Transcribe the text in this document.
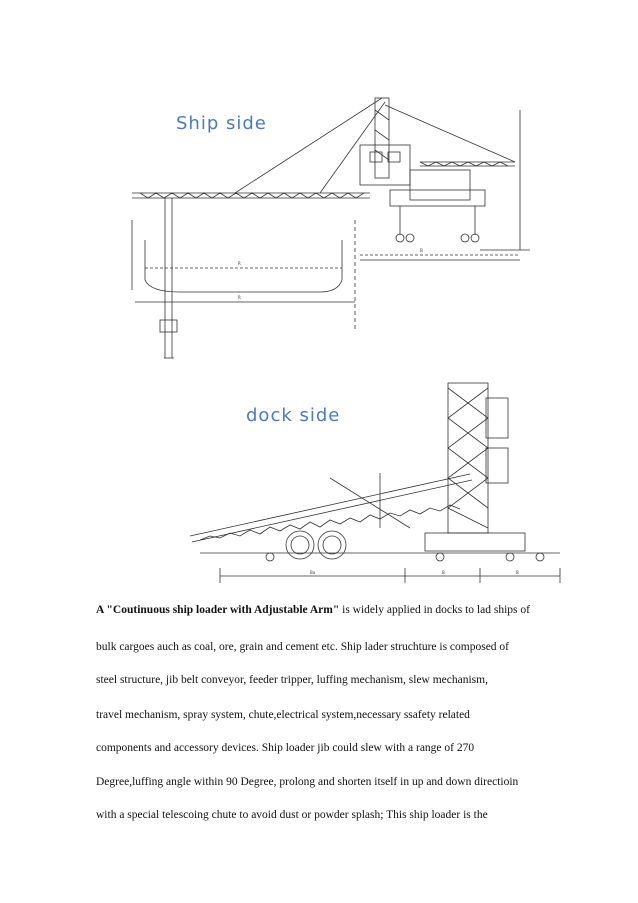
R
R
B
Ship side
Ba	B	B
dock side
A "Coutinuous ship loader with Adjustable Arm" is widely applied in docks to lad ships of
bulk cargoes auch as coal, ore, grain and cement etc. Ship lader struchture is composed of
steel structure, jib belt conveyor, feeder tripper, luffing mechanism, slew mechanism,
travel mechanism, spray system, chute,electrical system,necessary ssafety related
components and accessory devices. Ship loader jib could slew with a range of 270
Degree,luffing angle within 90 Degree, prolong and shorten itself in up and down directioin
with a special telescoing chute to avoid dust or powder splash; This ship loader is the
